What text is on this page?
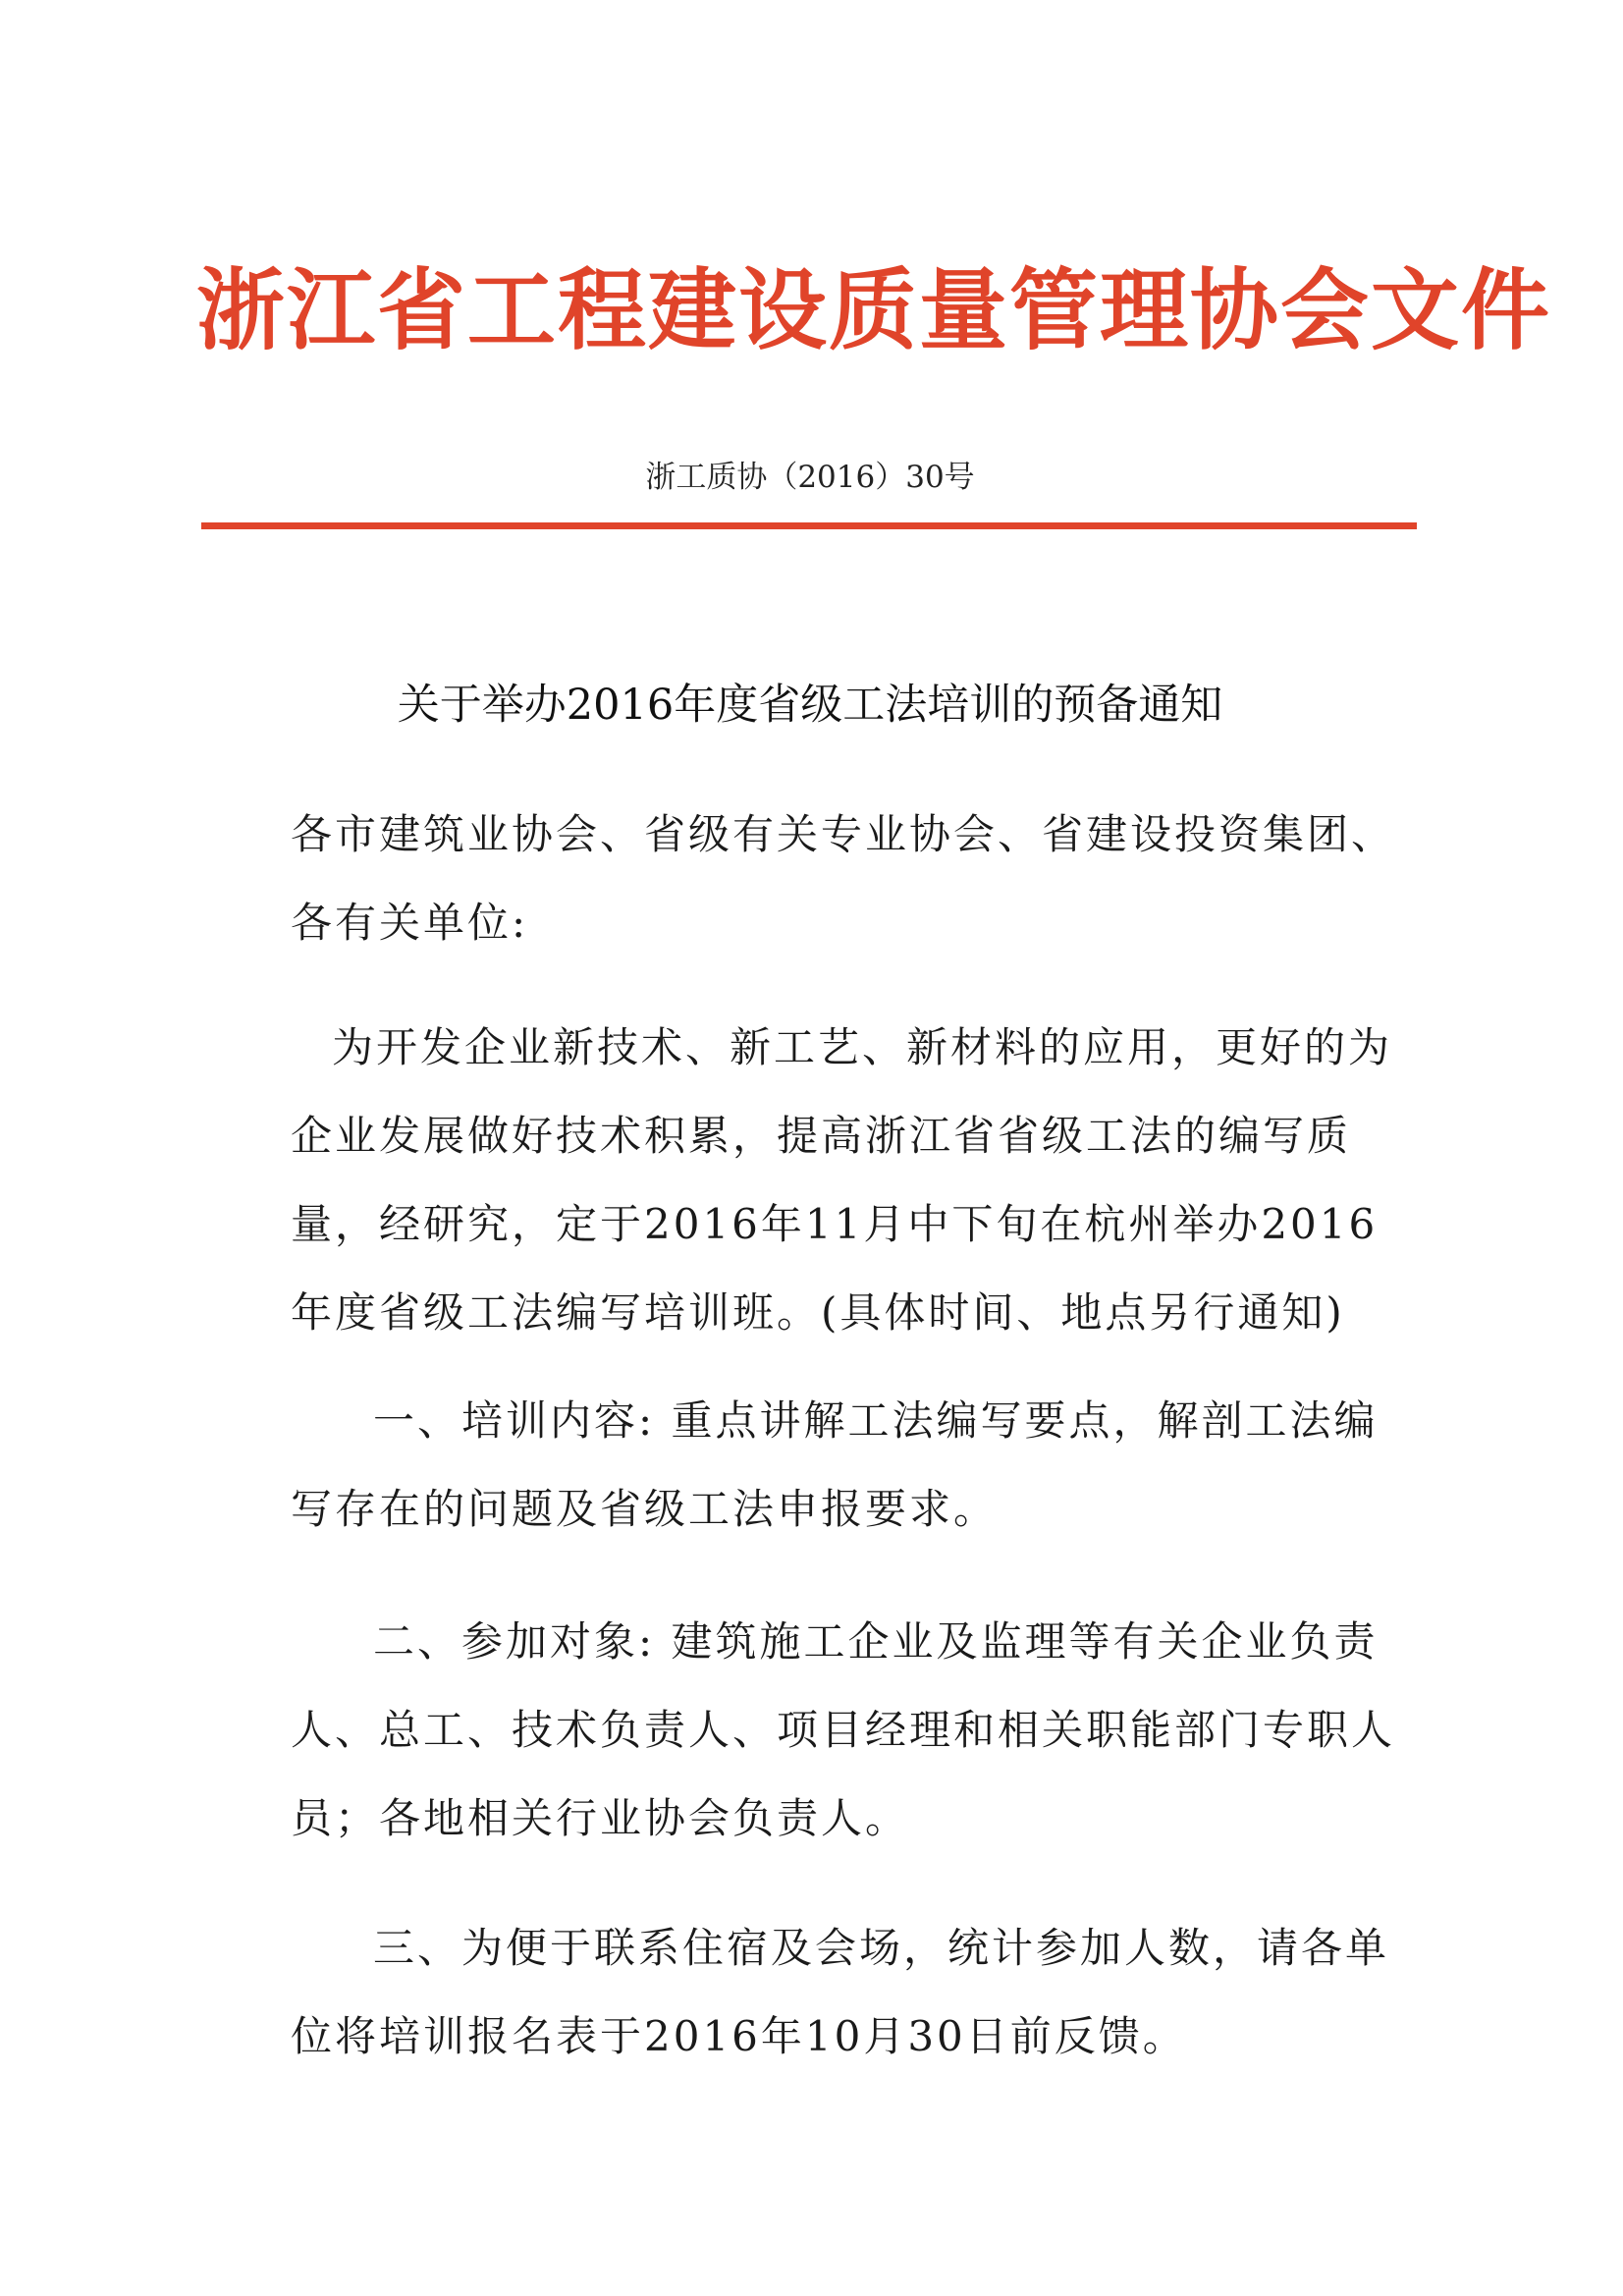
浙江省工程建设质量管理协会文件
浙工质协（2016）30号
关于举办2016年度省级工法培训的预备通知
各市建筑业协会、省级有关专业协会、省建设投资集团、各有关单位:
为开发企业新技术、新工艺、新材料的应用，更好的为企业发展做好技术积累，提高浙江省省级工法的编写质量，经研究，定于2016年11月中下旬在杭州举办2016年度省级工法编写培训班。(具体时间、地点另行通知)
一、培训内容: 重点讲解工法编写要点，解剖工法编写存在的问题及省级工法申报要求。
二、参加对象: 建筑施工企业及监理等有关企业负责人、总工、技术负责人、项目经理和相关职能部门专职人员；各地相关行业协会负责人。
三、为便于联系住宿及会场，统计参加人数，请各单位将培训报名表于2016年10月30日前反馈。
